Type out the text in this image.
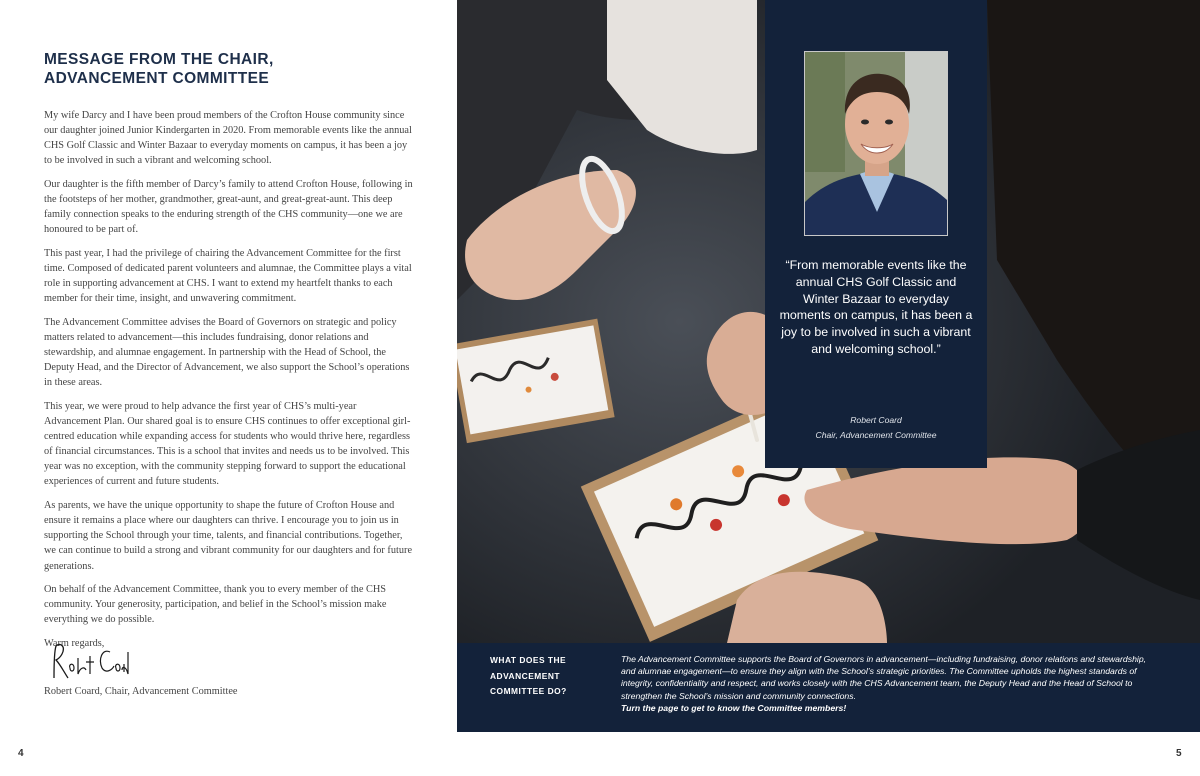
MESSAGE FROM THE CHAIR,
ADVANCEMENT COMMITTEE

My wife Darcy and I have been proud members of the Crofton House community since our daughter joined Junior Kindergarten in 2020. From memorable events like the annual CHS Golf Classic and Winter Bazaar to everyday moments on campus, it has been a joy to be involved in such a vibrant and welcoming school.

Our daughter is the fifth member of Darcy’s family to attend Crofton House, following in the footsteps of her mother, grandmother, great-aunt, and great-great-aunt. This deep family connection speaks to the enduring strength of the CHS community—one we are honoured to be part of.

This past year, I had the privilege of chairing the Advancement Committee for the first time. Composed of dedicated parent volunteers and alumnae, the Committee plays a vital role in supporting advancement at CHS. I want to extend my heartfelt thanks to each member for their time, insight, and unwavering commitment.

The Advancement Committee advises the Board of Governors on strategic and policy matters related to advancement—this includes fundraising, donor relations and stewardship, and alumnae engagement. In partnership with the Head of School, the Deputy Head, and the Director of Advancement, we also support the School’s operations in these areas.

This year, we were proud to help advance the first year of CHS’s multi-year Advancement Plan. Our shared goal is to ensure CHS continues to offer exceptional girl-centred education while expanding access for students who would thrive here, regardless of financial circumstances. This is a school that invites and needs us to be involved. This year was no exception, with the community stepping forward to support the educational experiences of current and future students.

As parents, we have the unique opportunity to shape the future of Crofton House and ensure it remains a place where our daughters can thrive. I encourage you to join us in supporting the School through your time, talents, and financial contributions. Together, we can continue to build a strong and vibrant community for our daughters and for future generations.

On behalf of the Advancement Committee, thank you to every member of the CHS community. Your generosity, participation, and belief in the School’s mission make everything we do possible.

Warm regards,

Robert Coard, Chair, Advancement Committee
4
“From memorable events like the annual CHS Golf Classic and Winter Bazaar to everyday moments on campus, it has been a joy to be involved in such a vibrant and welcoming school.”
Robert Coard
Chair, Advancement Committee
WHAT DOES THE
ADVANCEMENT
COMMITTEE DO?
The Advancement Committee supports the Board of Governors in advancement—including fundraising, donor relations and stewardship, and alumnae engagement—to ensure they align with the School’s strategic priorities. The Committee upholds the highest standards of integrity, confidentiality and respect, and works closely with the CHS Advancement team, the Deputy Head and the Head of School to strengthen the School’s mission and community connections.
Turn the page to get to know the Committee members!
5
